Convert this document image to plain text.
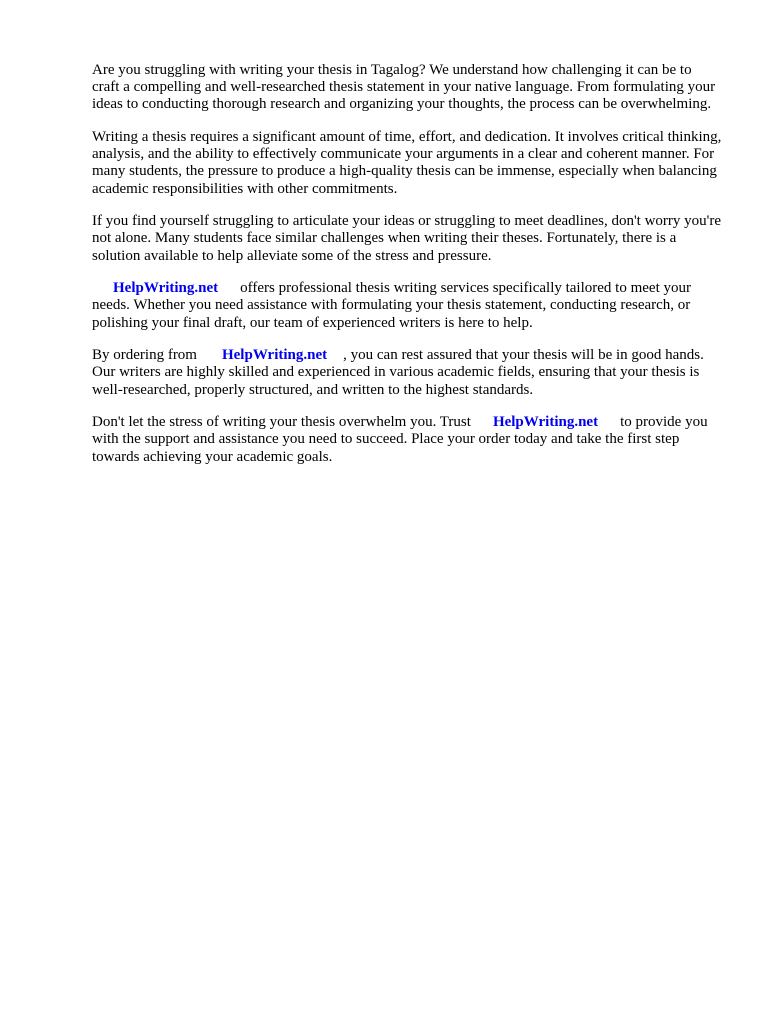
Are you struggling with writing your thesis in Tagalog? We understand how challenging it can be to craft a compelling and well-researched thesis statement in your native language. From formulating your ideas to conducting thorough research and organizing your thoughts, the process can be overwhelming.

Writing a thesis requires a significant amount of time, effort, and dedication. It involves critical thinking, analysis, and the ability to effectively communicate your arguments in a clear and coherent manner. For many students, the pressure to produce a high-quality thesis can be immense, especially when balancing academic responsibilities with other commitments.

If you find yourself struggling to articulate your ideas or struggling to meet deadlines, don't worry you're not alone. Many students face similar challenges when writing their theses. Fortunately, there is a solution available to help alleviate some of the stress and pressure.

HelpWriting.net offers professional thesis writing services specifically tailored to meet your needs. Whether you need assistance with formulating your thesis statement, conducting research, or polishing your final draft, our team of experienced writers is here to help.

By ordering from HelpWriting.net , you can rest assured that your thesis will be in good hands. Our writers are highly skilled and experienced in various academic fields, ensuring that your thesis is well-researched, properly structured, and written to the highest standards.

Don't let the stress of writing your thesis overwhelm you. Trust HelpWriting.net to provide you with the support and assistance you need to succeed. Place your order today and take the first step towards achieving your academic goals.
